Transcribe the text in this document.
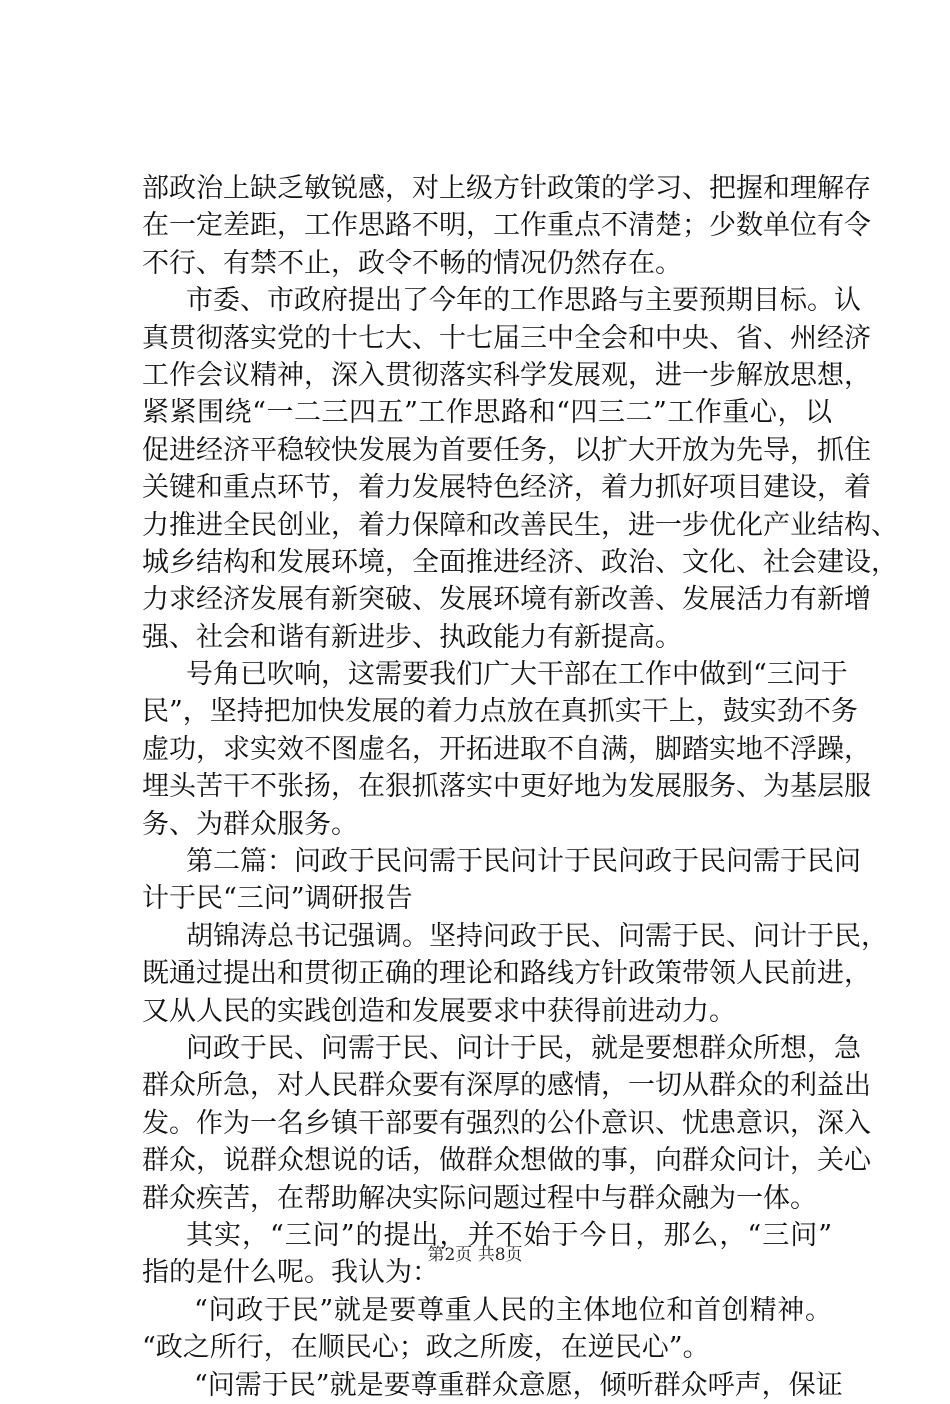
部政治上缺乏敏锐感，对上级方针政策的学习、把握和理解存
在一定差距，工作思路不明，工作重点不清楚；少数单位有令
不行、有禁不止，政令不畅的情况仍然存在。
市委、市政府提出了今年的工作思路与主要预期目标。认
真贯彻落实党的十七大、十七届三中全会和中央、省、州经济
工作会议精神，深入贯彻落实科学发展观，进一步解放思想，
紧紧围绕“一二三四五”工作思路和“四三二”工作重心，以
促进经济平稳较快发展为首要任务，以扩大开放为先导，抓住
关键和重点环节，着力发展特色经济，着力抓好项目建设，着
力推进全民创业，着力保障和改善民生，进一步优化产业结构、
城乡结构和发展环境，全面推进经济、政治、文化、社会建设，
力求经济发展有新突破、发展环境有新改善、发展活力有新增
强、社会和谐有新进步、执政能力有新提高。
号角已吹响，这需要我们广大干部在工作中做到“三问于
民”，坚持把加快发展的着力点放在真抓实干上，鼓实劲不务
虚功，求实效不图虚名，开拓进取不自满，脚踏实地不浮躁，
埋头苦干不张扬，在狠抓落实中更好地为发展服务、为基层服
务、为群众服务。
第二篇：问政于民问需于民问计于民问政于民问需于民问
计于民“三问”调研报告
胡锦涛总书记强调。坚持问政于民、问需于民、问计于民，
既通过提出和贯彻正确的理论和路线方针政策带领人民前进，
又从人民的实践创造和发展要求中获得前进动力。
问政于民、问需于民、问计于民，就是要想群众所想，急
群众所急，对人民群众要有深厚的感情，一切从群众的利益出
发。作为一名乡镇干部要有强烈的公仆意识、忧患意识，深入
群众，说群众想说的话，做群众想做的事，向群众问计，关心
群众疾苦，在帮助解决实际问题过程中与群众融为一体。
其实，“三问”的提出，并不始于今日，那么，“三问”
指的是什么呢。我认为：
“问政于民”就是要尊重人民的主体地位和首创精神。
“政之所行，在顺民心；政之所废，在逆民心”。
“问需于民”就是要尊重群众意愿，倾听群众呼声，保证
第2页 共8页
